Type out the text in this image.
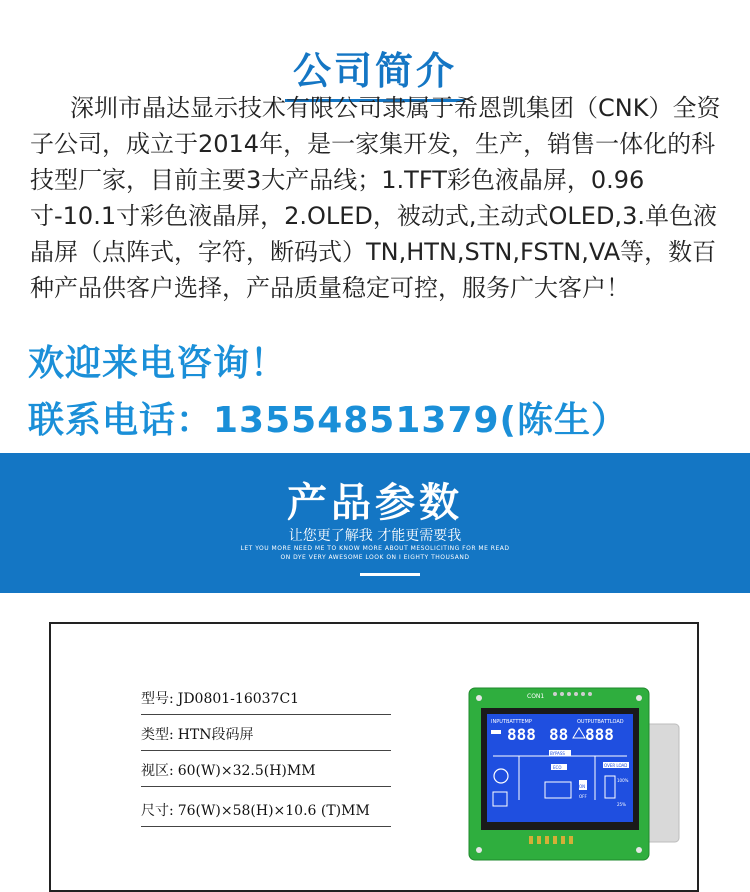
公司简介

深圳市晶达显示技术有限公司隶属于希恩凯集团（CNK）全资子公司，成立于2014年，是一家集开发，生产，销售一体化的科技型厂家，目前主要3大产品线；1.TFT彩色液晶屏，0.96寸-10.1寸彩色液晶屏，2.OLED，被动式,主动式OLED,3.单色液晶屏（点阵式，字符，断码式）TN,HTN,STN,FSTN,VA等，数百种产品供客户选择，产品质量稳定可控，服务广大客户！

欢迎来电咨询！
联系电话：13554851379(陈生）
产品参数
让您更了解我 才能更需要我
LET YOU MORE NEED ME TO KNOW MORE ABOUT MESOLICITING FOR ME READ
ON DYE VERY AWESOME LOOK ON I EIGHTY THOUSAND
型号: JD0801-16037C1
类型: HTN段码屏
视区: 60(W)×32.5(H)MM
尺寸: 76(W)×58(H)×10.6 (T)MM
CON1
INPUTBATTTEMP	OUTPUTBATTLOAD
888 88 888
BYPASS
ECO	OVER LOAD
ON
OFF
100%
25%
